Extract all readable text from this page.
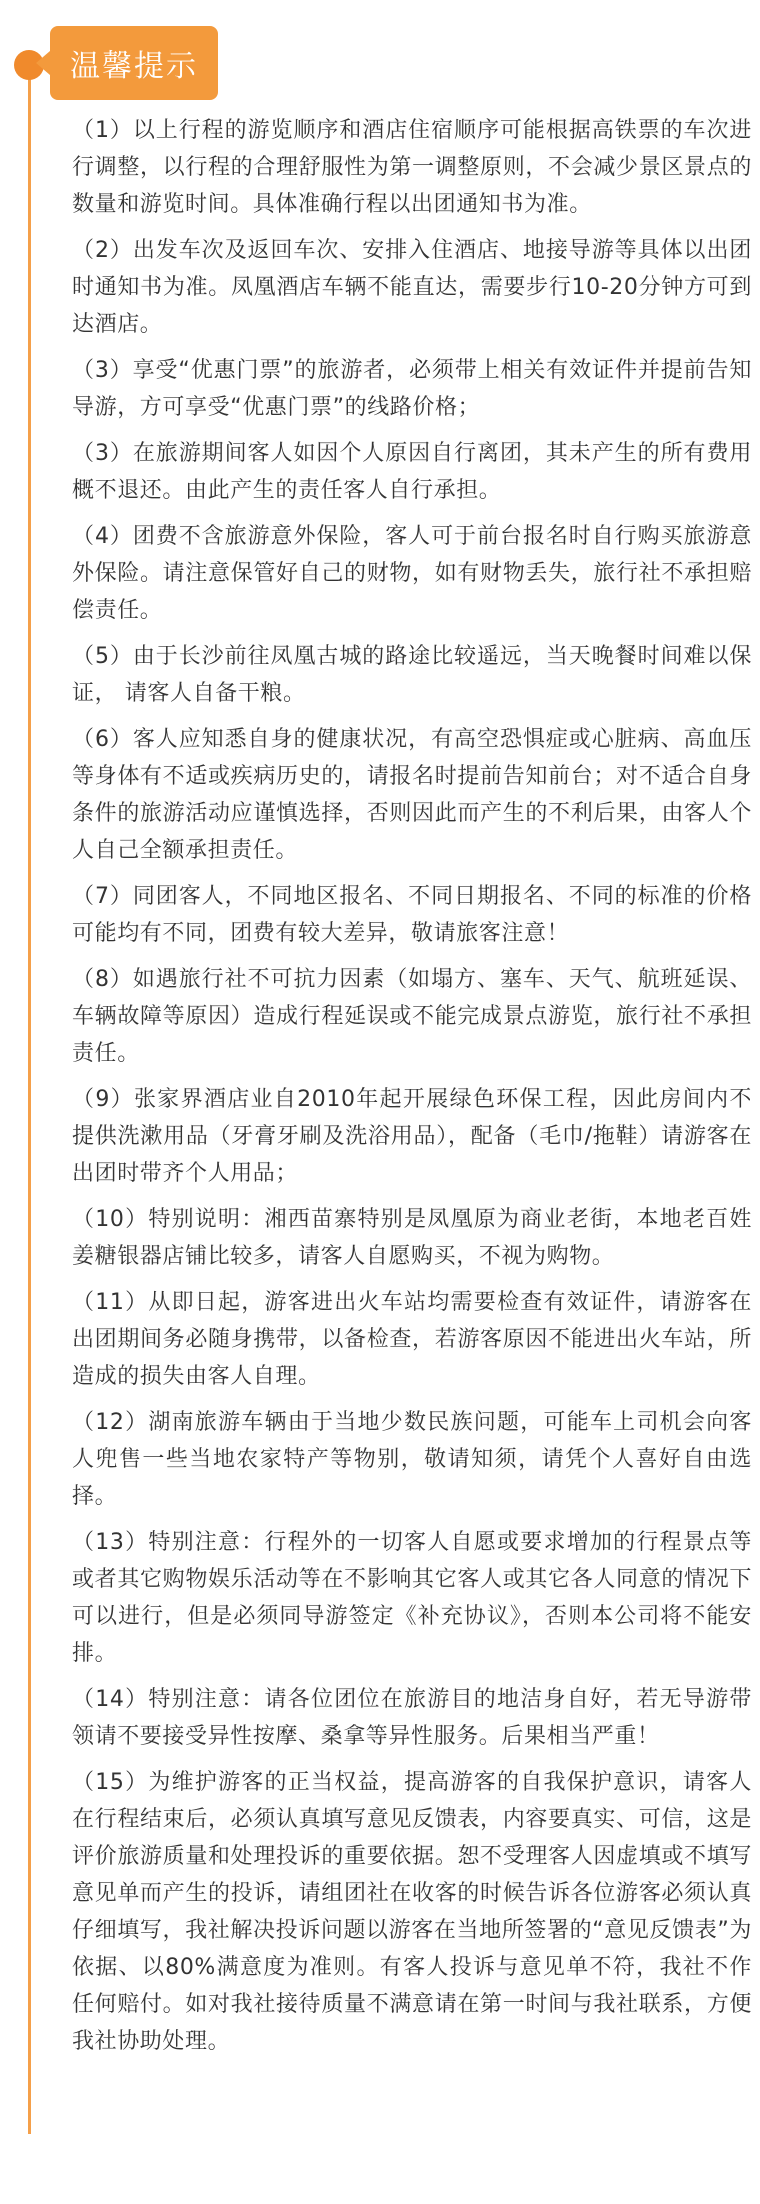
温馨提示

（1）以上行程的游览顺序和酒店住宿顺序可能根据高铁票的车次进行调整，以行程的合理舒服性为第一调整原则，不会减少景区景点的数量和游览时间。具体准确行程以出团通知书为准。

（2）出发车次及返回车次、安排入住酒店、地接导游等具体以出团时通知书为准。凤凰酒店车辆不能直达，需要步行10-20分钟方可到达酒店。

（3）享受“优惠门票”的旅游者，必须带上相关有效证件并提前告知导游，方可享受“优惠门票”的线路价格；

（3）在旅游期间客人如因个人原因自行离团，其未产生的所有费用概不退还。由此产生的责任客人自行承担。

（4）团费不含旅游意外保险，客人可于前台报名时自行购买旅游意外保险。请注意保管好自己的财物，如有财物丢失，旅行社不承担赔偿责任。

（5）由于长沙前往凤凰古城的路途比较遥远，当天晚餐时间难以保证， 请客人自备干粮。

（6）客人应知悉自身的健康状况，有高空恐惧症或心脏病、高血压等身体有不适或疾病历史的，请报名时提前告知前台；对不适合自身条件的旅游活动应谨慎选择，否则因此而产生的不利后果，由客人个人自己全额承担责任。

（7）同团客人，不同地区报名、不同日期报名、不同的标准的价格可能均有不同，团费有较大差异，敬请旅客注意！

（8）如遇旅行社不可抗力因素（如塌方、塞车、天气、航班延误、车辆故障等原因）造成行程延误或不能完成景点游览，旅行社不承担责任。

（9）张家界酒店业自2010年起开展绿色环保工程，因此房间内不提供洗漱用品（牙膏牙刷及洗浴用品），配备（毛巾/拖鞋）请游客在出团时带齐个人用品；

（10）特别说明：湘西苗寨特别是凤凰原为商业老街，本地老百姓姜糖银器店铺比较多，请客人自愿购买，不视为购物。

（11）从即日起，游客进出火车站均需要检查有效证件，请游客在出团期间务必随身携带，以备检查，若游客原因不能进出火车站，所造成的损失由客人自理。

（12）湖南旅游车辆由于当地少数民族问题，可能车上司机会向客人兜售一些当地农家特产等物别，敬请知须，请凭个人喜好自由选择。

（13）特别注意：行程外的一切客人自愿或要求增加的行程景点等或者其它购物娱乐活动等在不影响其它客人或其它各人同意的情况下可以进行，但是必须同导游签定《补充协议》，否则本公司将不能安排。

（14）特别注意：请各位团位在旅游目的地洁身自好，若无导游带领请不要接受异性按摩、桑拿等异性服务。后果相当严重！

（15）为维护游客的正当权益，提高游客的自我保护意识，请客人在行程结束后，必须认真填写意见反馈表，内容要真实、可信，这是评价旅游质量和处理投诉的重要依据。恕不受理客人因虚填或不填写意见单而产生的投诉，请组团社在收客的时候告诉各位游客必须认真仔细填写，我社解决投诉问题以游客在当地所签署的“意见反馈表”为依据、以80%满意度为准则。有客人投诉与意见单不符，我社不作任何赔付。如对我社接待质量不满意请在第一时间与我社联系，方便我社协助处理。
